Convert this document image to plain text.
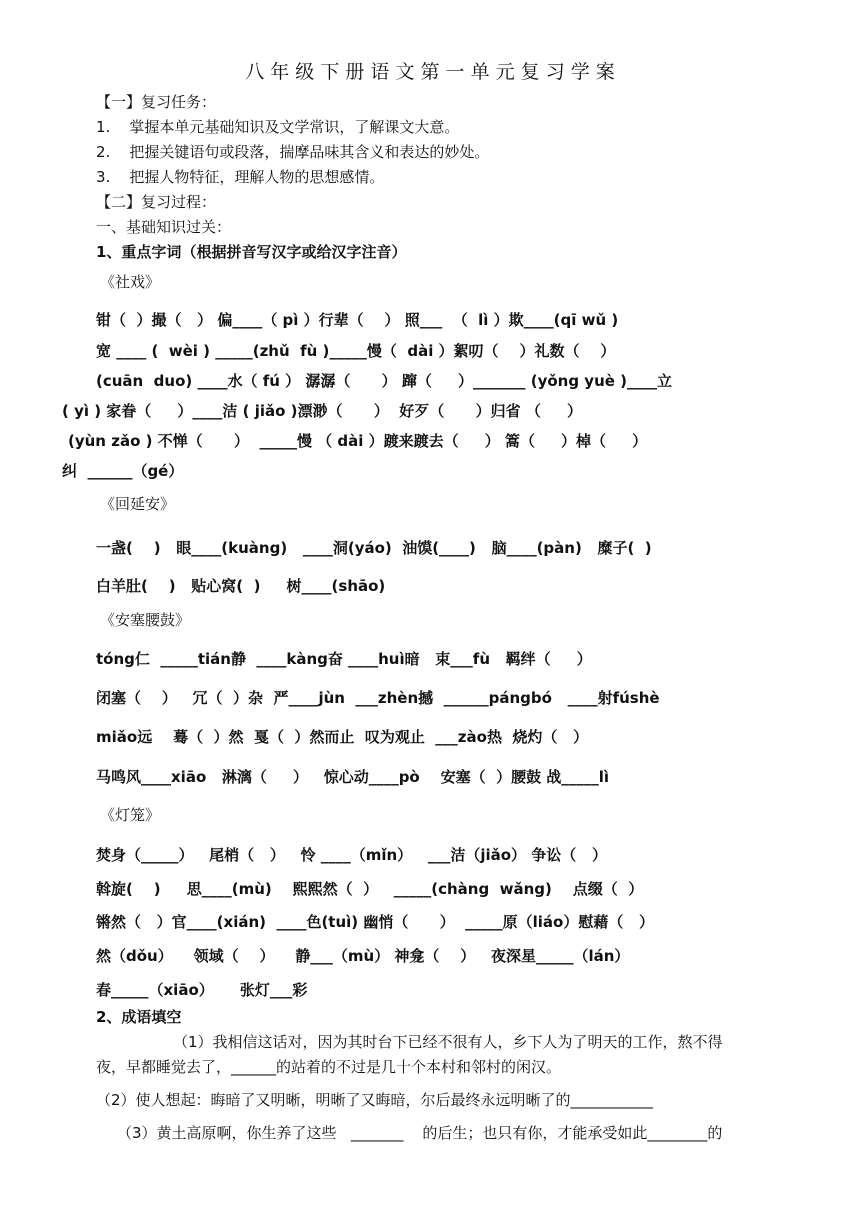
八 年 级 下 册 语 文 第 一 单 元 复 习 学 案
【一】复习任务：
1.    掌握本单元基础知识及文学常识，了解课文大意。
2.    把握关键语句或段落，揣摩品味其含义和表达的妙处。
3.    把握人物特征，理解人物的思想感情。
【二】复习过程：
一、基础知识过关：
1、重点字词（根据拼音写汉字或给汉字注音）
《社戏》
钳（  ）撮（   ） 偏____（ pì ）行辈（    ） 照___  （  lì ）欺____(qī wǔ )
宽 ____ (  wèi ) _____(zhǔ  fù )_____慢（  dài ）絮叨（    ）礼数（    ）
(cuān  duo) ____水（ fú ） 潺潺（      ） 蹿（     ）_______ (yǒng yuè )____立
( yì ) 家眷（     ）____洁 ( jiǎo )漂渺（      ）  好歹（      ）归省 （     ）
(yùn zǎo ) 不惮（      ）  _____慢 （ dài ）踱来踱去（     ） 篙（     ）棹（     ）
纠  ______（gé）
《回延安》
一盏(    )   眼____(kuàng)   ____洞(yáo)  油馍(____)   脑____(pàn)   糜子(  )
白羊肚(    )   贴心窝(  )     树____(shāo)
《安塞腰鼓》
tóng仁  _____tián静  ____kàng奋 ____huì暗   束___fù   羁绊（     ）
闭塞（    ）   冗（  ）杂  严____jùn  ___zhèn撼  ______pángbó   ____射fúshè
miǎo远    蓦（  ）然  戛（  ）然而止  叹为观止  ___zào热  烧灼（   ）
马鸣风____xiāo   淋漓（     ）   惊心动____pò    安塞（  ）腰鼓 战_____lì
《灯笼》
焚身（_____）   尾梢（   ）   怜 ____（mǐn）   ___洁（jiǎo） 争讼（   ）
斡旋(    )     思____(mù)    熙熙然（  ）   _____(chàng  wǎng)    点缀（  ）
锵然（   ）官____(xián)  ____色(tuì) 幽悄（      ）  _____原（liáo）慰藉（   ）
然（dǒu）    领域（    ）    静___（mù） 神龛（    ）   夜深星_____（lán）
春_____（xiāo）     张灯___彩
2、成语填空
（1）我相信这话对，因为其时台下已经不很有人，乡下人为了明天的工作，熬不得
夜，早都睡觉去了，______的站着的不过是几十个本村和邻村的闲汉。
（2）使人想起：晦暗了又明晰，明晰了又晦暗，尔后最终永远明晰了的___________
（3）黄土高原啊，你生养了这些   _______    的后生；也只有你，才能承受如此________的
